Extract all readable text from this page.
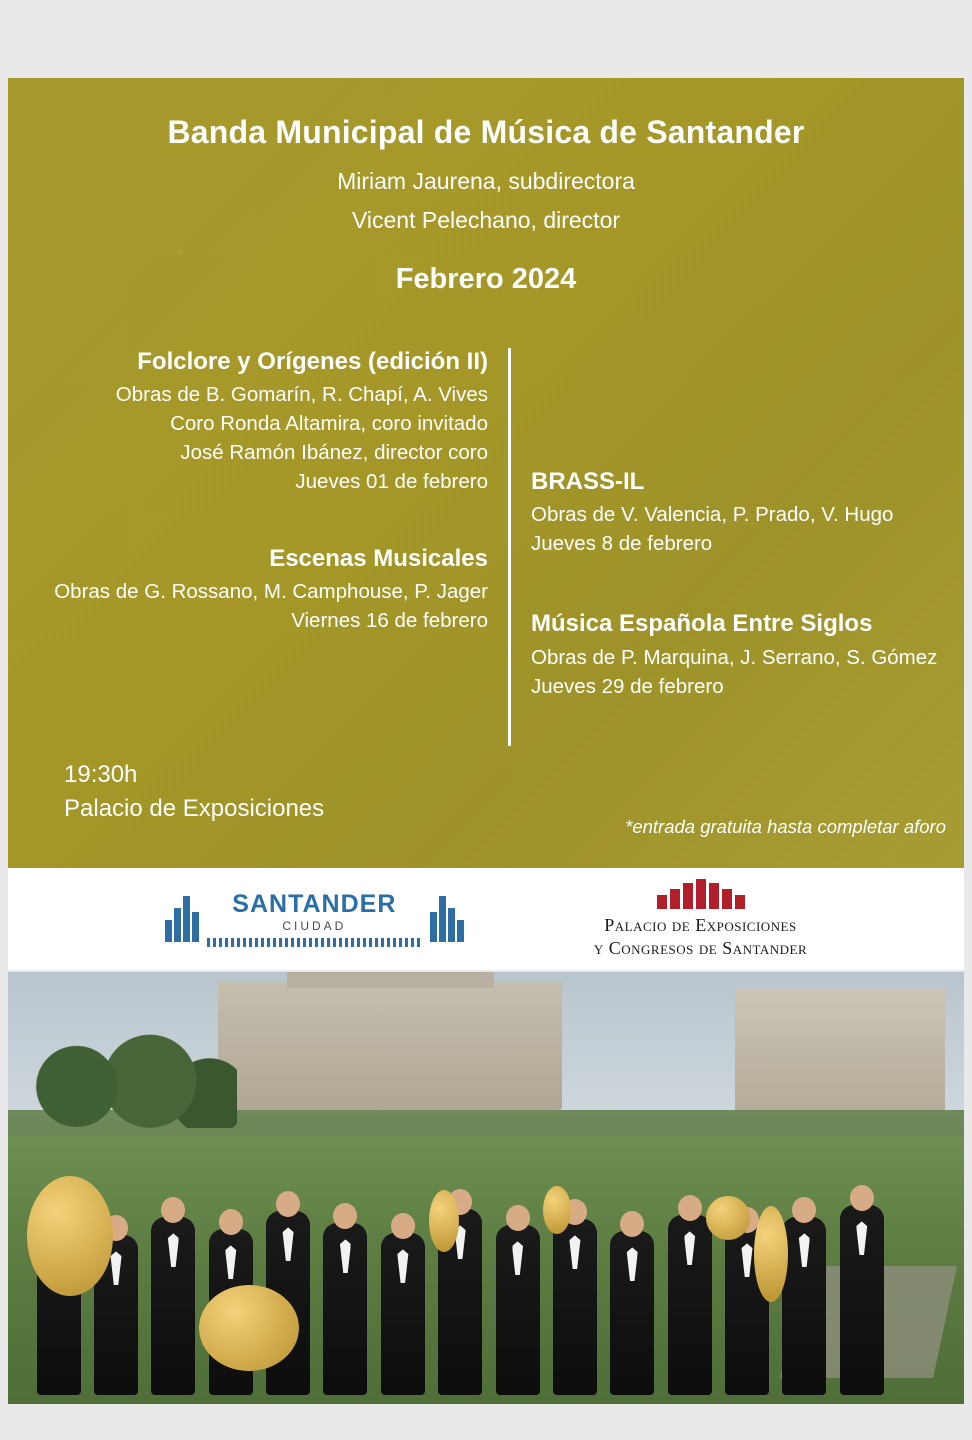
Banda Municipal de Música de Santander
Miriam Jaurena, subdirectora
Vicent Pelechano, director
Febrero 2024
Folclore y Orígenes (edición II)
Obras de B. Gomarín, R. Chapí, A. Vives
Coro Ronda Altamira, coro invitado
José Ramón Ibánez, director coro
Jueves 01 de febrero
Escenas Musicales
Obras de G. Rossano, M. Camphouse, P. Jager
Viernes 16 de febrero
BRASS-IL
Obras de V. Valencia, P. Prado, V. Hugo
Jueves 8 de febrero
Música Española Entre Siglos
Obras de P. Marquina, J. Serrano, S. Gómez
Jueves 29 de febrero
19:30h
Palacio de Exposiciones
*entrada gratuita hasta completar aforo
SANTANDER
CIUDAD	PALACIO DE EXPOSICIONES
Y CONGRESOS DE SANTANDER
